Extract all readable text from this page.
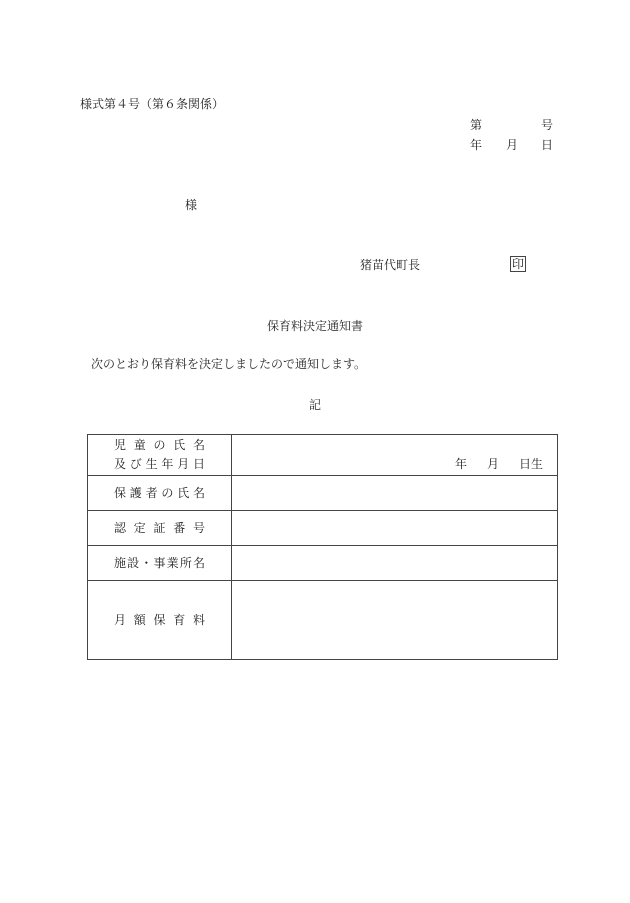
様式第４号（第６条関係）
第	号
年 月 日
様
猪苗代町長	印
保育料決定通知書
次のとおり保育料を決定しましたので通知します。
記
児童の氏名
及び生年月日	年 月 日生

保護者の氏名	

認定証番号	

施設・事業所名	

月額保育料	
